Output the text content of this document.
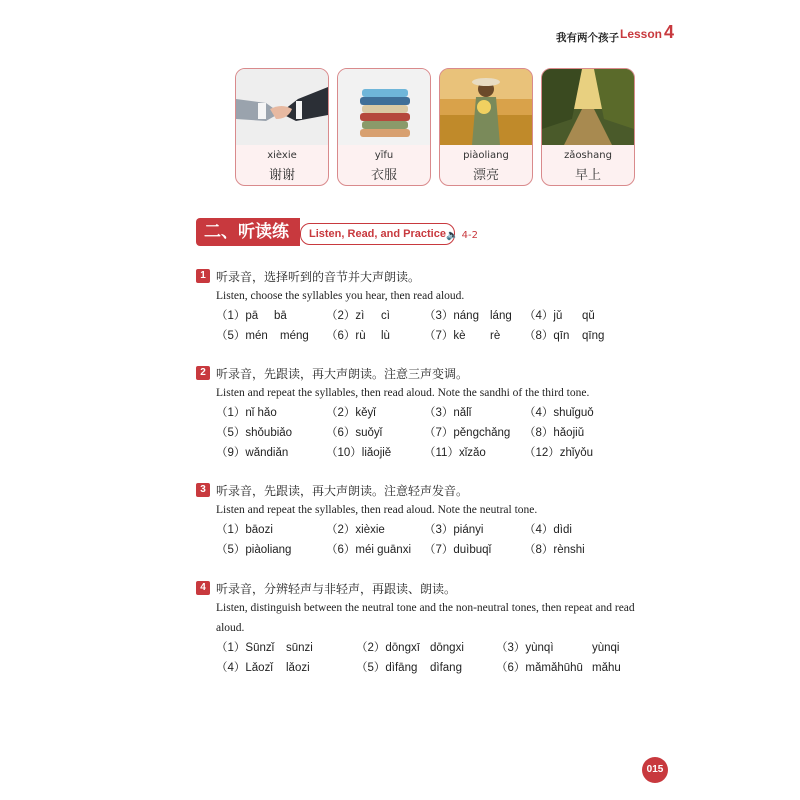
我有两个孩子 Lesson 4
xièxie
谢谢
yīfu
衣服
piàoliang
漂亮
zǎoshang
早上
二、听读练	Listen, Read, and Practice 🔈 4-2
1 听录音，选择听到的音节并大声朗读。
Listen, choose the syllables you hear, then read aloud.
（1）pā bā	（2）zì cì	（3）náng láng （4）jǔ qǔ
（5）mén méng （6）rù lù	（7）kè rè （8）qīn qīng
2 听录音，先跟读，再大声朗读。注意三声变调。
Listen and repeat the syllables, then read aloud. Note the sandhi of the third tone.
（1）nǐ hǎo	（2）kěyǐ	（3）nǎlǐ	（4）shuǐguǒ
（5）shǒubiǎo	（6）suǒyǐ	（7）pěngchǎng （8）hǎojiǔ
（9）wǎndiǎn	（10）liǎojiě	（11）xǐzǎo	（12）zhǐyǒu
3 听录音，先跟读，再大声朗读。注意轻声发音。
Listen and repeat the syllables, then read aloud. Note the neutral tone.
（1）bāozi	（2）xièxie	（3）piányi	（4）dìdi
（5）piàoliang	（6）méi guānxi （7）duìbuqǐ	（8）rènshi
4 听录音，分辨轻声与非轻声，再跟读、朗读。
Listen, distinguish between the neutral tone and the non-neutral tones, then repeat and read aloud.
（1）Sūnzǐ sūnzi	（2）dōngxī dōngxi	（3）yùnqì	yùnqi
（4）Lǎozǐ lǎozi	（5）dìfāng dìfang	（6）mǎmǎhūhū mǎhu
015
